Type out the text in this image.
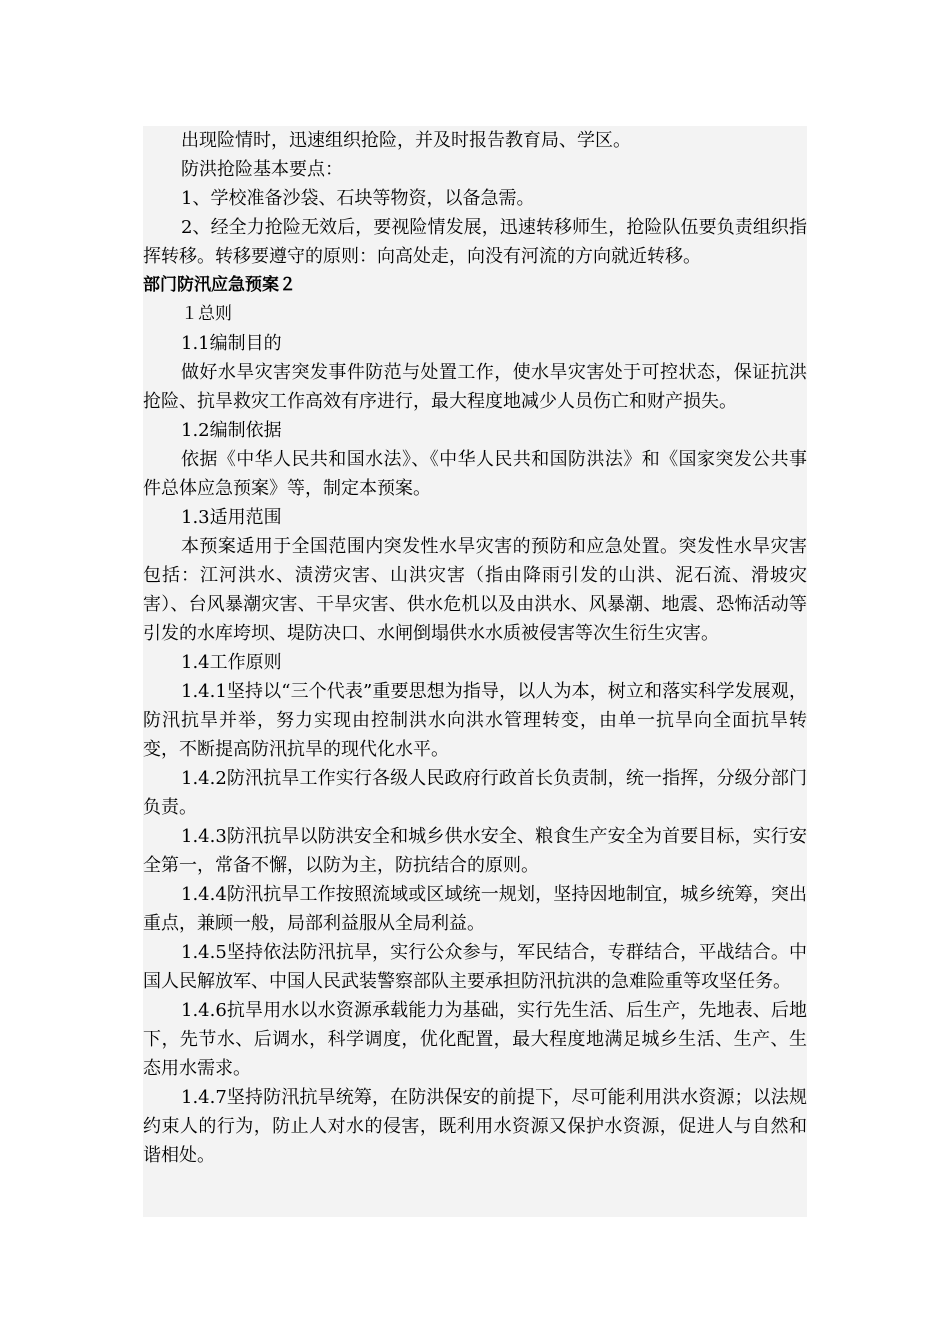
出现险情时，迅速组织抢险，并及时报告教育局、学区。

防洪抢险基本要点：

1、学校准备沙袋、石块等物资，以备急需。

2、经全力抢险无效后，要视险情发展，迅速转移师生，抢险队伍要负责组织指挥转移。转移要遵守的原则：向高处走，向没有河流的方向就近转移。

部门防汛应急预案２

１总则

1.1编制目的

做好水旱灾害突发事件防范与处置工作，使水旱灾害处于可控状态，保证抗洪抢险、抗旱救灾工作高效有序进行，最大程度地减少人员伤亡和财产损失。

1.2编制依据

依据《中华人民共和国水法》、《中华人民共和国防洪法》和《国家突发公共事件总体应急预案》等，制定本预案。

1.3适用范围

本预案适用于全国范围内突发性水旱灾害的预防和应急处置。突发性水旱灾害包括：江河洪水、渍涝灾害、山洪灾害（指由降雨引发的山洪、泥石流、滑坡灾害）、台风暴潮灾害、干旱灾害、供水危机以及由洪水、风暴潮、地震、恐怖活动等引发的水库垮坝、堤防决口、水闸倒塌供水水质被侵害等次生衍生灾害。

1.4工作原则

1.4.1坚持以“三个代表”重要思想为指导，以人为本，树立和落实科学发展观，防汛抗旱并举，努力实现由控制洪水向洪水管理转变，由单一抗旱向全面抗旱转变，不断提高防汛抗旱的现代化水平。

1.4.2防汛抗旱工作实行各级人民政府行政首长负责制，统一指挥，分级分部门负责。

1.4.3防汛抗旱以防洪安全和城乡供水安全、粮食生产安全为首要目标，实行安全第一，常备不懈，以防为主，防抗结合的原则。

1.4.4防汛抗旱工作按照流域或区域统一规划，坚持因地制宜，城乡统筹，突出重点，兼顾一般，局部利益服从全局利益。

1.4.5坚持依法防汛抗旱，实行公众参与，军民结合，专群结合，平战结合。中国人民解放军、中国人民武装警察部队主要承担防汛抗洪的急难险重等攻坚任务。

1.4.6抗旱用水以水资源承载能力为基础，实行先生活、后生产，先地表、后地下，先节水、后调水，科学调度，优化配置，最大程度地满足城乡生活、生产、生态用水需求。

1.4.7坚持防汛抗旱统筹，在防洪保安的前提下，尽可能利用洪水资源；以法规约束人的行为，防止人对水的侵害，既利用水资源又保护水资源，促进人与自然和谐相处。
